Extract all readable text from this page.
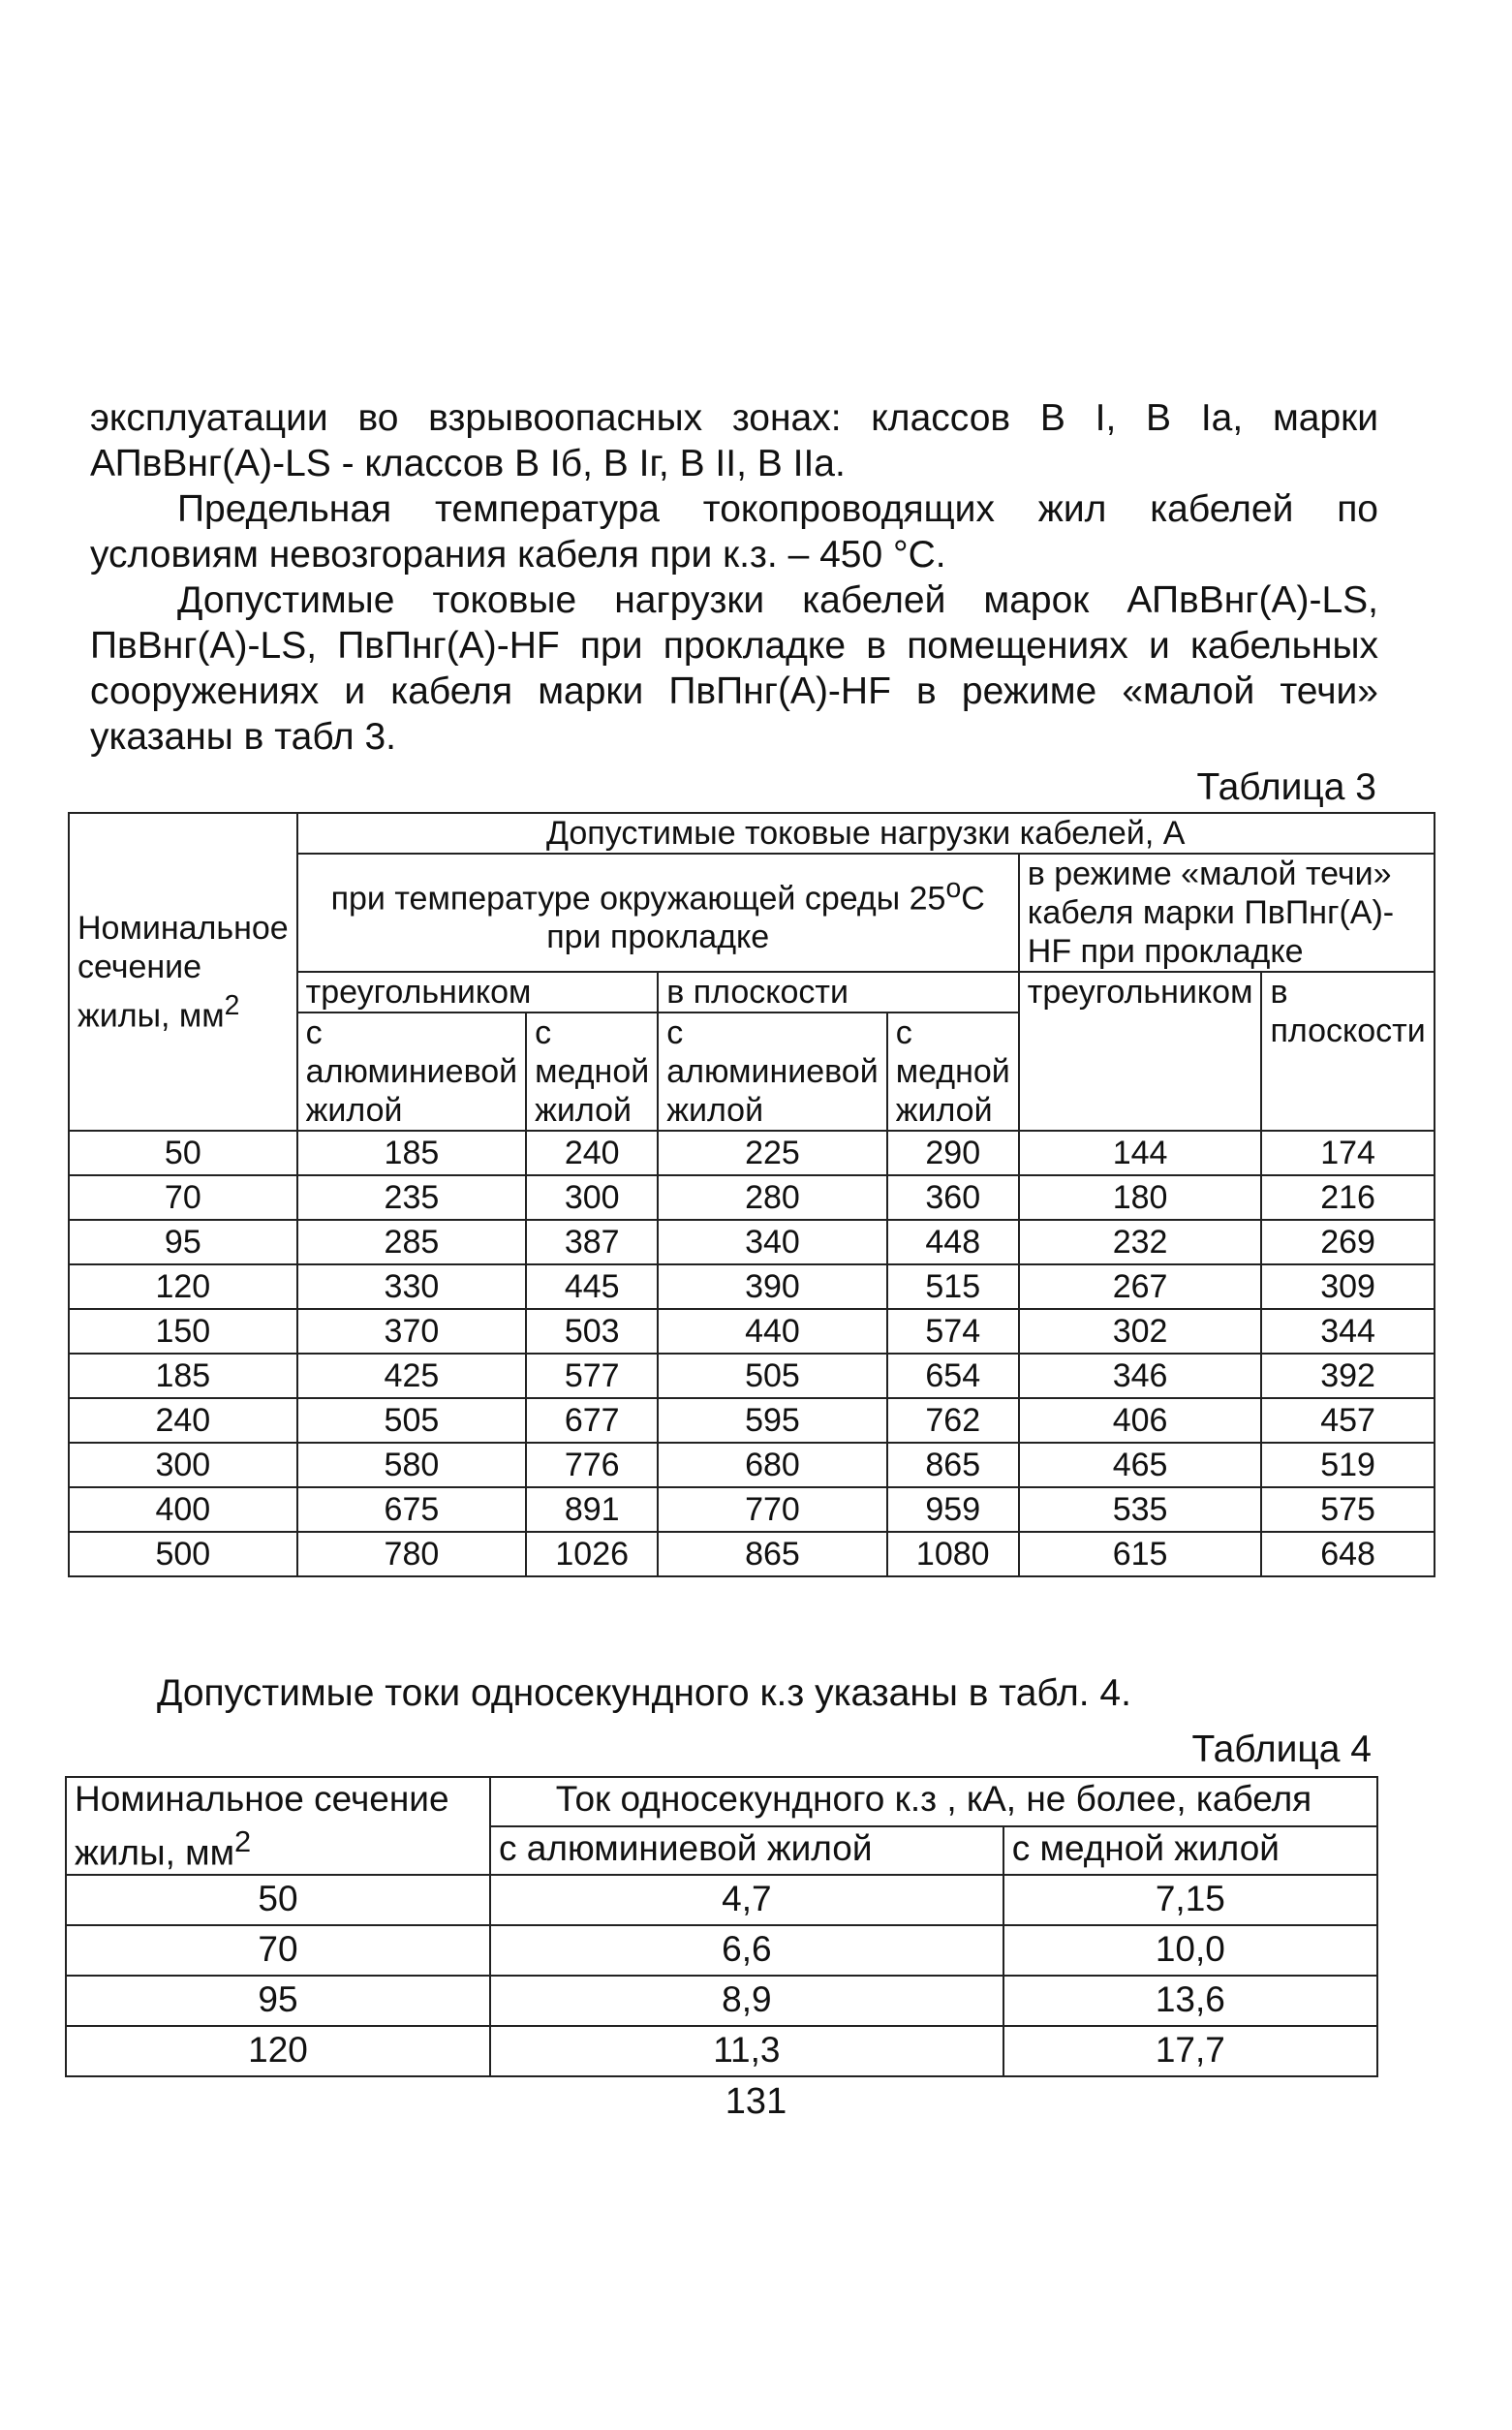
эксплуатации во взрывоопасных зонах: классов В I, В Iа, марки
АПвВнг(А)-LS - классов В Iб, В Iг, В II, В IIа.
Предельная температура токопроводящих жил кабелей по
условиям невозгорания кабеля при к.з. – 450 °С.
Допустимые токовые нагрузки кабелей марок АПвВнг(А)-LS,
ПвВнг(А)-LS, ПвПнг(А)-HF при прокладке в помещениях и кабельных
сооружениях и кабеля марки ПвПнг(А)-HF в режиме «малой течи»
указаны в табл 3.
Таблица 3
Номинальное сечение жилы, $мм^2$	Допустимые токовые нагрузки кабелей, А					
	при температуре окружающей среды $25^оС$ при прокладке				в режиме «малой течи» кабеля марки ПвПнг(А)-HF при прокладке	
	треугольником		в плоскости		треугольником	в плоскости
	с алюминиевой жилой	с медной жилой	с алюминиевой жилой	с медной жилой		
50	185	240	225	290	144	174
70	235	300	280	360	180	216
95	285	387	340	448	232	269
120	330	445	390	515	267	309
150	370	503	440	574	302	344
185	425	577	505	654	346	392
240	505	677	595	762	406	457
300	580	776	680	865	465	519
400	675	891	770	959	535	575
500	780	1026	865	1080	615	648
Допустимые токи односекундного к.з указаны в табл. 4.
Таблица 4
Номинальное сечение жилы, $мм^2$	Ток односекундного к.з , кА, не более, кабеля	
	с алюминиевой жилой	с медной жилой
50	4,7	7,15
70	6,6	10,0
95	8,9	13,6
120	11,3	17,7
131
